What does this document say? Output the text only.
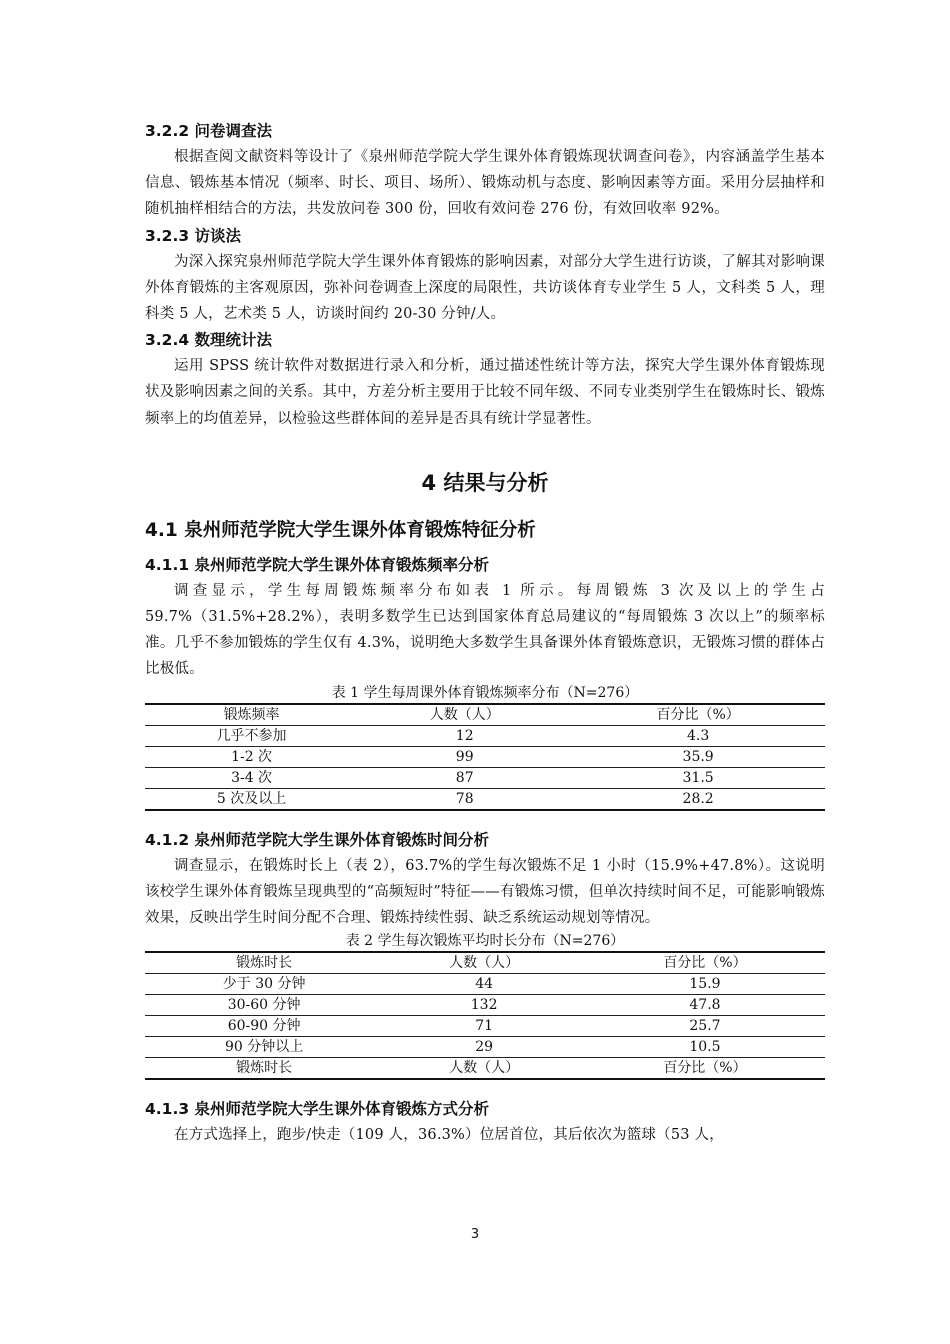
3.2.2 问卷调查法

根据查阅文献资料等设计了《泉州师范学院大学生课外体育锻炼现状调查问卷》，内容涵盖学生基本信息、锻炼基本情况（频率、时长、项目、场所）、锻炼动机与态度、影响因素等方面。采用分层抽样和随机抽样相结合的方法，共发放问卷 300 份，回收有效问卷 276 份，有效回收率 92%。

3.2.3 访谈法

为深入探究泉州师范学院大学生课外体育锻炼的影响因素，对部分大学生进行访谈，了解其对影响课外体育锻炼的主客观原因，弥补问卷调查上深度的局限性，共访谈体育专业学生 5 人，文科类 5 人，理科类 5 人，艺术类 5 人，访谈时间约 20-30 分钟/人。

3.2.4 数理统计法

运用 SPSS 统计软件对数据进行录入和分析，通过描述性统计等方法，探究大学生课外体育锻炼现状及影响因素之间的关系。其中，方差分析主要用于比较不同年级、不同专业类别学生在锻炼时长、锻炼频率上的均值差异，以检验这些群体间的差异是否具有统计学显著性。

4 结果与分析

4.1 泉州师范学院大学生课外体育锻炼特征分析

4.1.1 泉州师范学院大学生课外体育锻炼频率分析

调查显示，学生每周锻炼频率分布如表 1 所示。每周锻炼 3 次及以上的学生占 59.7%（31.5%+28.2%），表明多数学生已达到国家体育总局建议的“每周锻炼 3 次以上”的频率标准。几乎不参加锻炼的学生仅有 4.3%，说明绝大多数学生具备课外体育锻炼意识，无锻炼习惯的群体占比极低。

表 1 学生每周课外体育锻炼频率分布（N=276）

锻炼频率	人数（人）	百分比（%）
几乎不参加	12	4.3
1-2 次	99	35.9
3-4 次	87	31.5
5 次及以上	78	28.2

4.1.2 泉州师范学院大学生课外体育锻炼时间分析

调查显示，在锻炼时长上（表 2），63.7%的学生每次锻炼不足 1 小时（15.9%+47.8%）。这说明该校学生课外体育锻炼呈现典型的“高频短时”特征——有锻炼习惯，但单次持续时间不足，可能影响锻炼效果，反映出学生时间分配不合理、锻炼持续性弱、缺乏系统运动规划等情况。

表 2 学生每次锻炼平均时长分布（N=276）

锻炼时长	人数（人）	百分比（%）
少于 30 分钟	44	15.9
30-60 分钟	132	47.8
60-90 分钟	71	25.7
90 分钟以上	29	10.5
锻炼时长	人数（人）	百分比（%）

4.1.3 泉州师范学院大学生课外体育锻炼方式分析

在方式选择上，跑步/快走（109 人，36.3%）位居首位，其后依次为篮球（53 人，

3
